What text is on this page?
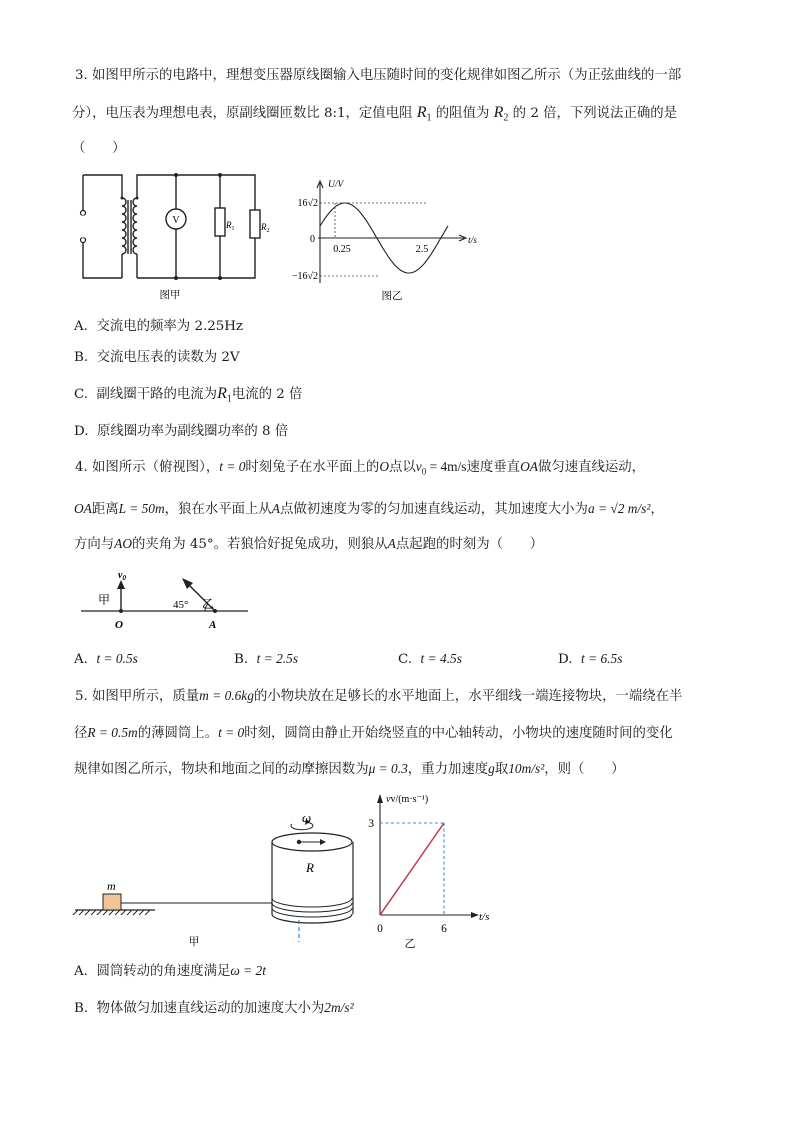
3. 如图甲所示的电路中，理想变压器原线圈输入电压随时间的变化规律如图乙所示（为正弦曲线的一部
分），电压表为理想电表，原副线圈匝数比 8:1，定值电阻 $R_1$ 的阻值为 $R_2$ 的 2 倍，下列说法正确的是
（　　）
V	$R_1$	$R_2$
图甲
U/V
t/s
16√2
−16√2
0
0.25	2.5
图乙
A. 交流电的频率为 2.25Hz
B. 交流电压表的读数为 2V
C. 副线圈干路的电流为$R_1$电流的 2 倍
D. 原线圈功率为副线圈功率的 8 倍
4. 如图所示（俯视图），t = 0时刻兔子在水平面上的O点以$v_0 = 4m/s$速度垂直OA做匀速直线运动，
OA距离L = 50m，狼在水平面上从A点做初速度为零的匀加速直线运动，其加速度大小为a = √2 m/s²，
方向与AO的夹角为 45°。若狼恰好捉兔成功，则狼从A点起跑的时刻为（　　）
$v_0$
甲	45° 乙
O	A
A. t = 0.5s	B. t = 2.5s	C. t = 4.5s	D. t = 6.5s
5. 如图甲所示，质量m = 0.6kg的小物块放在足够长的水平地面上，水平细线一端连接物块，一端绕在半
径R = 0.5m的薄圆筒上。t = 0时刻，圆筒由静止开始绕竖直的中心轴转动，小物块的速度随时间的变化
规律如图乙所示，物块和地面之间的动摩擦因数为μ = 0.3，重力加速度g取10m/s²，则（　　）
m
ω
R
甲
vv/(m·s⁻¹)
t/s
3
6
0
乙
A. 圆筒转动的角速度满足ω = 2t
B. 物体做匀加速直线运动的加速度大小为2m/s²
